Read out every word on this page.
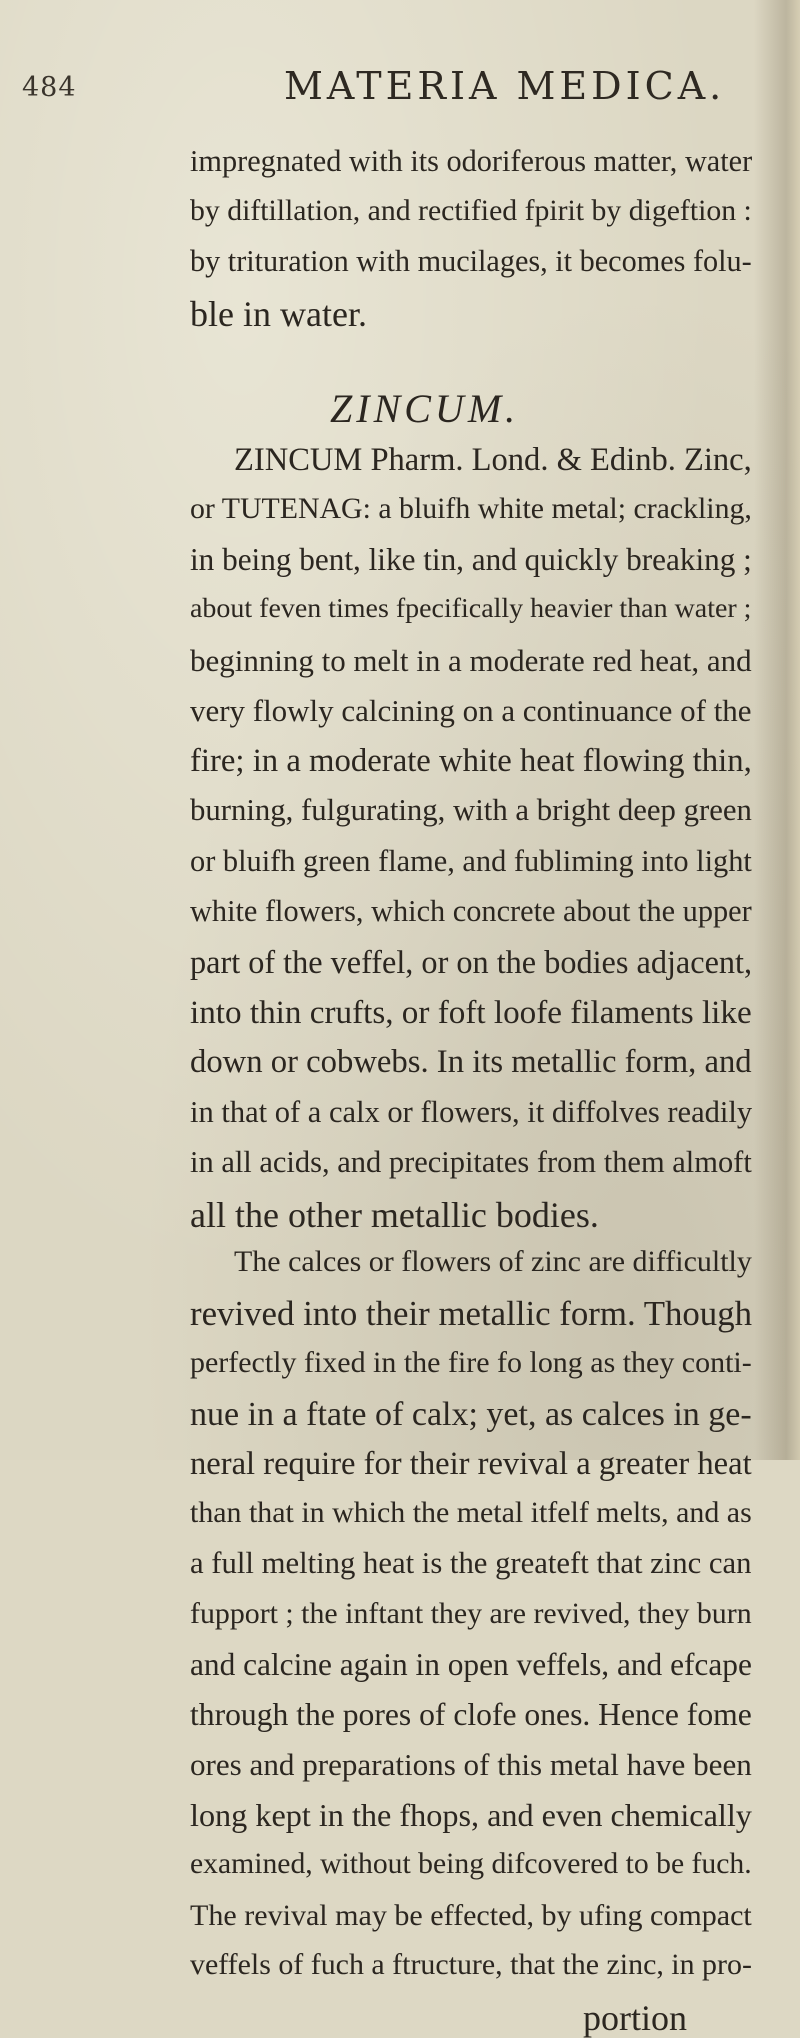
484	MATERIA MEDICA.
impregnated with its odoriferous matter, water
by diftillation, and rectified fpirit by digeftion :
by trituration with mucilages, it becomes folu-
ble in water.
ZINCUM.
ZINCUM Pharm. Lond. & Edinb. Zinc,
or TUTENAG: a bluifh white metal; crackling,
in being bent, like tin, and quickly breaking ;
about feven times fpecifically heavier than water ;
beginning to melt in a moderate red heat, and
very flowly calcining on a continuance of the
fire; in a moderate white heat flowing thin,
burning, fulgurating, with a bright deep green
or bluifh green flame, and fubliming into light
white flowers, which concrete about the upper
part of the veffel, or on the bodies adjacent,
into thin crufts, or foft loofe filaments like
down or cobwebs. In its metallic form, and
in that of a calx or flowers, it diffolves readily
in all acids, and precipitates from them almoft
all the other metallic bodies.
The calces or flowers of zinc are difficultly
revived into their metallic form. Though
perfectly fixed in the fire fo long as they conti-
nue in a ftate of calx; yet, as calces in ge-
neral require for their revival a greater heat
than that in which the metal itfelf melts, and as
a full melting heat is the greateft that zinc can
fupport ; the inftant they are revived, they burn
and calcine again in open veffels, and efcape
through the pores of clofe ones. Hence fome
ores and preparations of this metal have been
long kept in the fhops, and even chemically
examined, without being difcovered to be fuch.
The revival may be effected, by ufing compact
veffels of fuch a ftructure, that the zinc, in pro-
portion
